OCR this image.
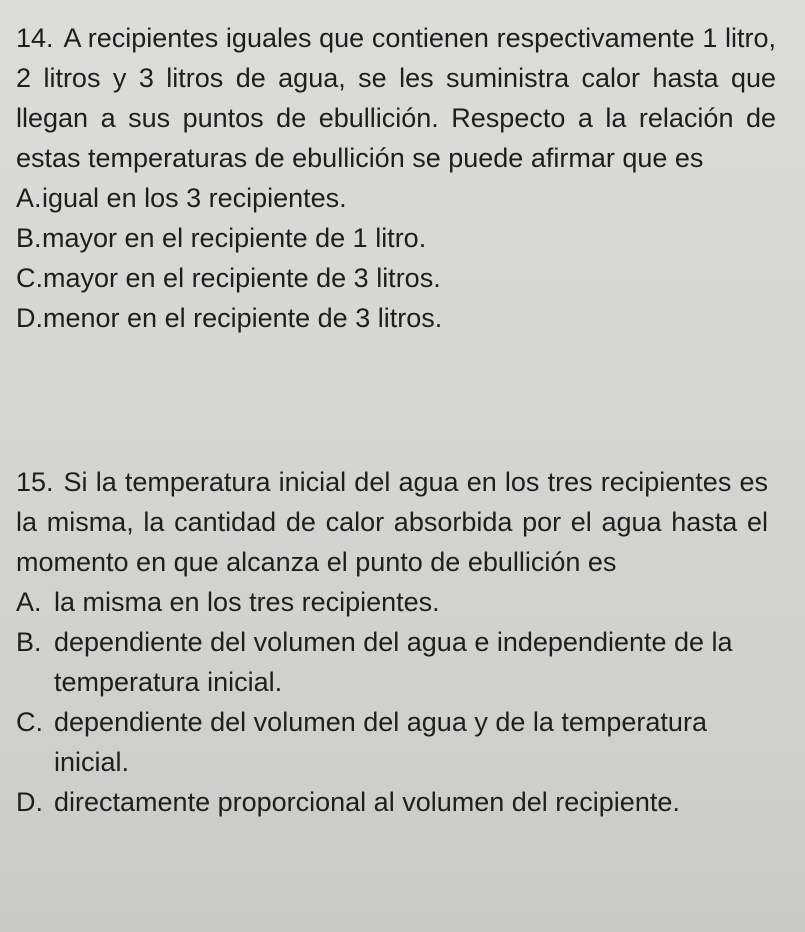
14. A recipientes iguales que contienen respectivamente 1 litro, 2 litros y 3 litros de agua, se les suministra calor hasta que llegan a sus puntos de ebullición. Respecto a la relación de estas temperaturas de ebullición se puede afirmar que es

A. igual en los 3 recipientes.
B. mayor en el recipiente de 1 litro.
C. mayor en el recipiente de 3 litros.
D. menor en el recipiente de 3 litros.

15. Si la temperatura inicial del agua en los tres recipientes es la misma, la cantidad de calor absorbida por el agua hasta el momento en que alcanza el punto de ebullición es

A. la misma en los tres recipientes.
B. dependiente del volumen del agua e independiente de la temperatura inicial.
C. dependiente del volumen del agua y de la temperatura inicial.
D. directamente proporcional al volumen del recipiente.
